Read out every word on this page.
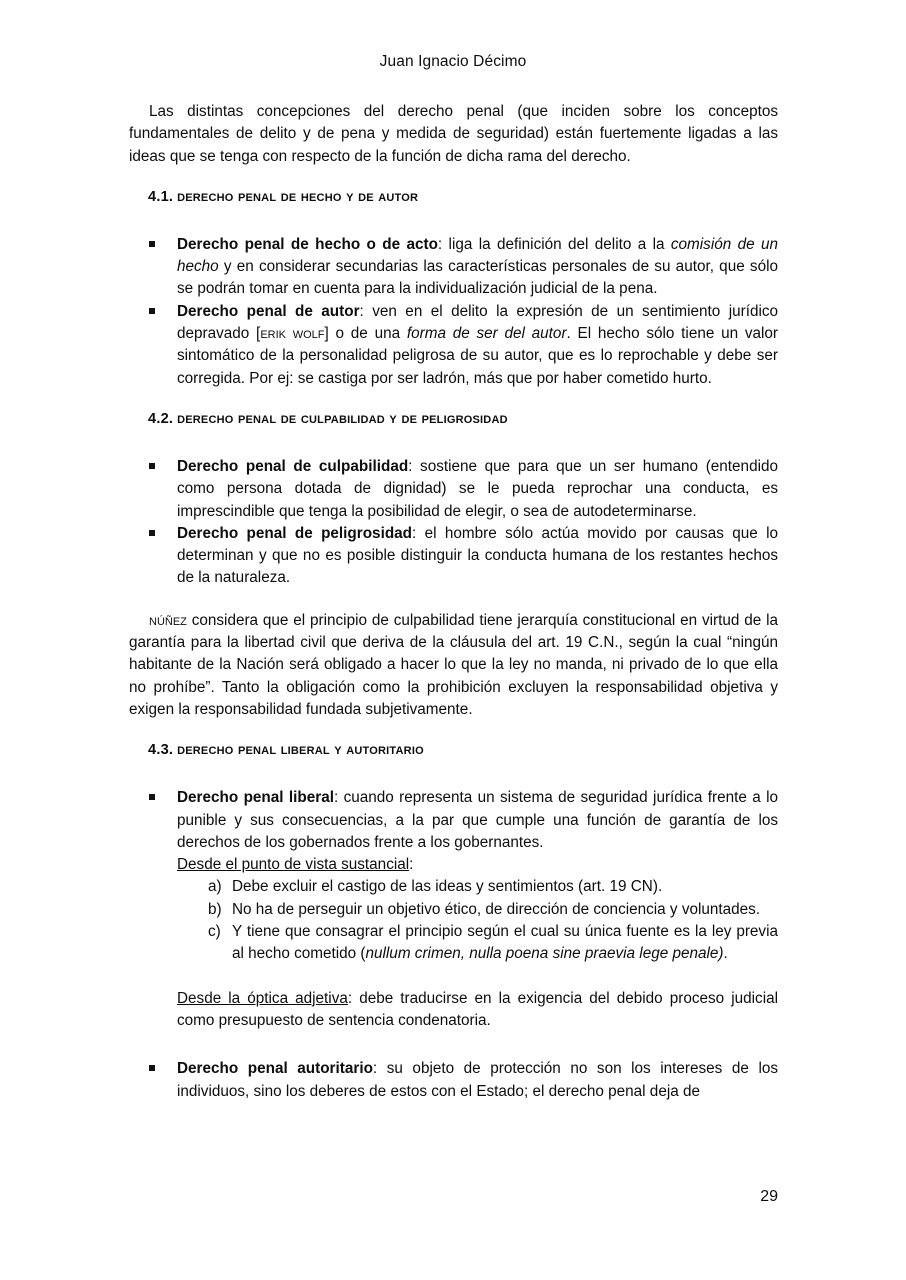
Juan Ignacio Décimo

Las distintas concepciones del derecho penal (que inciden sobre los conceptos fundamentales de delito y de pena y medida de seguridad) están fuertemente ligadas a las ideas que se tenga con respecto de la función de dicha rama del derecho.

4.1. derecho penal de hecho y de autor

Derecho penal de hecho o de acto: liga la definición del delito a la comisión de un hecho y en considerar secundarias las características personales de su autor, que sólo se podrán tomar en cuenta para la individualización judicial de la pena.

Derecho penal de autor: ven en el delito la expresión de un sentimiento jurídico depravado [erik wolf] o de una forma de ser del autor. El hecho sólo tiene un valor sintomático de la personalidad peligrosa de su autor, que es lo reprochable y debe ser corregida. Por ej: se castiga por ser ladrón, más que por haber cometido hurto.

4.2. derecho penal de culpabilidad y de peligrosidad

Derecho penal de culpabilidad: sostiene que para que un ser humano (entendido como persona dotada de dignidad) se le pueda reprochar una conducta, es imprescindible que tenga la posibilidad de elegir, o sea de autodeterminarse.

Derecho penal de peligrosidad: el hombre sólo actúa movido por causas que lo determinan y que no es posible distinguir la conducta humana de los restantes hechos de la naturaleza.

núñez considera que el principio de culpabilidad tiene jerarquía constitucional en virtud de la garantía para la libertad civil que deriva de la cláusula del art. 19 C.N., según la cual “ningún habitante de la Nación será obligado a hacer lo que la ley no manda, ni privado de lo que ella no prohíbe”. Tanto la obligación como la prohibición excluyen la responsabilidad objetiva y exigen la responsabilidad fundada subjetivamente.

4.3. derecho penal liberal y autoritario

Derecho penal liberal: cuando representa un sistema de seguridad jurídica frente a lo punible y sus consecuencias, a la par que cumple una función de garantía de los derechos de los gobernados frente a los gobernantes.

Desde el punto de vista sustancial:

a) Debe excluir el castigo de las ideas y sentimientos (art. 19 CN).
b) No ha de perseguir un objetivo ético, de dirección de conciencia y voluntades.
c) Y tiene que consagrar el principio según el cual su única fuente es la ley previa al hecho cometido (nullum crimen, nulla poena sine praevia lege penale).

Desde la óptica adjetiva: debe traducirse en la exigencia del debido proceso judicial como presupuesto de sentencia condenatoria.

Derecho penal autoritario: su objeto de protección no son los intereses de los individuos, sino los deberes de estos con el Estado; el derecho penal deja de

29
